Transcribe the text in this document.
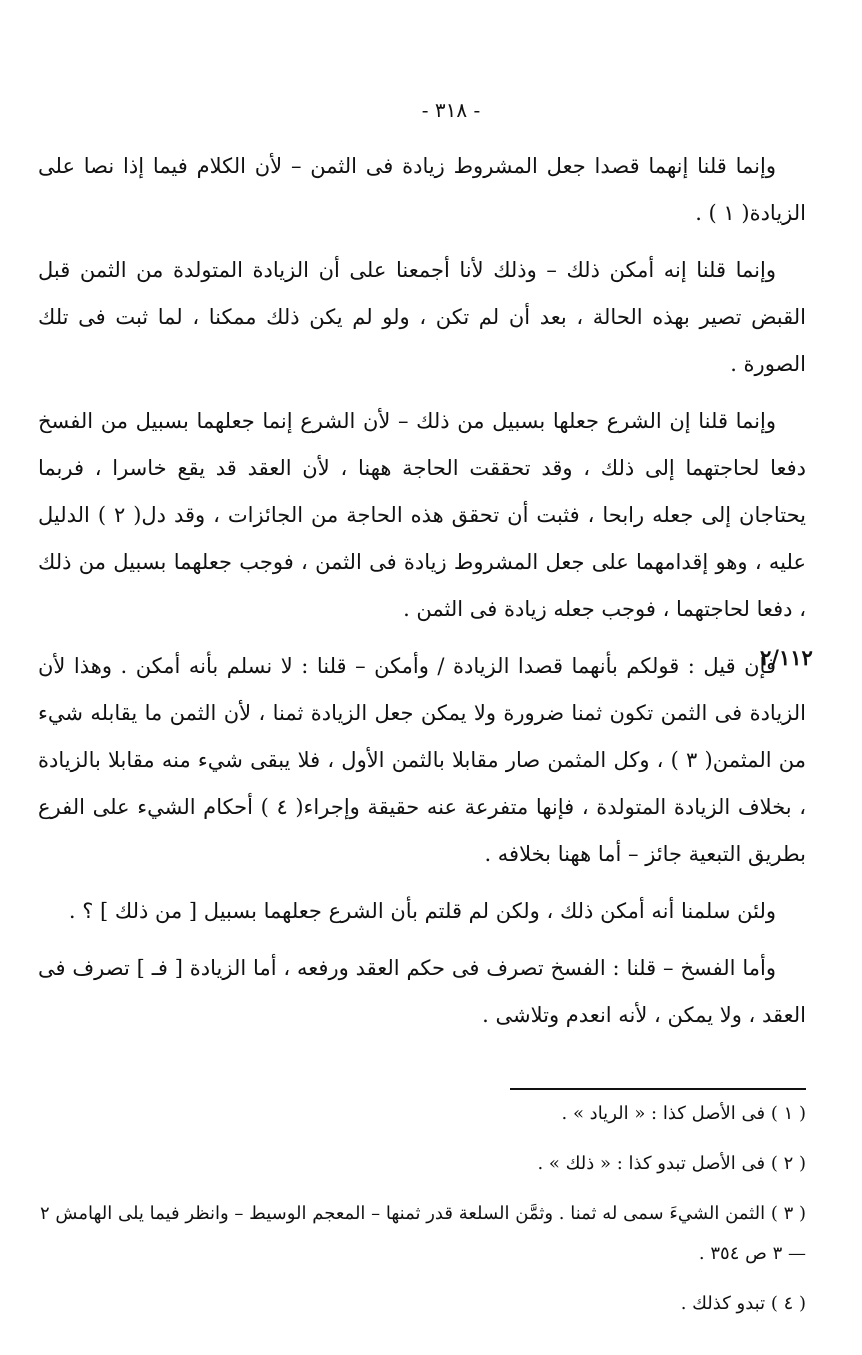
- ٣١٨ -

وإنما قلنا إنهما قصدا جعل المشروط زيادة فى الثمن – لأن الكلام فيما إذا نصا على الزيادة( ١ ) .

وإنما قلنا إنه أمكن ذلك – وذلك لأنا أجمعنا على أن الزيادة المتولدة من الثمن قبل القبض تصير بهذه الحالة ، بعد أن لم تكن ، ولو لم يكن ذلك ممكنا ، لما ثبت فى تلك الصورة .

وإنما قلنا إن الشرع جعلها بسبيل من ذلك – لأن الشرع إنما جعلهما بسبيل من الفسخ دفعا لحاجتهما إلى ذلك ، وقد تحققت الحاجة ههنا ، لأن العقد قد يقع خاسرا ، فربما يحتاجان إلى جعله رابحا ، فثبت أن تحقق هذه الحاجة من الجائزات ، وقد دل( ٢ ) الدليل عليه ، وهو إقدامهما على جعل المشروط زيادة فى الثمن ، فوجب جعلهما بسبيل من ذلك ، دفعا لحاجتهما ، فوجب جعله زيادة فى الثمن .

فإن قيل : قولكم بأنهما قصدا الزيادة / وأمكن – قلنا : لا نسلم بأنه أمكن . وهذا لأن الزيادة فى الثمن تكون ثمنا ضرورة ولا يمكن جعل الزيادة ثمنا ، لأن الثمن ما يقابله شيء من المثمن( ٣ ) ، وكل المثمن صار مقابلا بالثمن الأول ، فلا يبقى شيء منه مقابلا بالزيادة ، بخلاف الزيادة المتولدة ، فإنها متفرعة عنه حقيقة وإجراء( ٤ ) أحكام الشيء على الفرع بطريق التبعية جائز – أما ههنا بخلافه .

ولئن سلمنا أنه أمكن ذلك ، ولكن لم قلتم بأن الشرع جعلهما بسبيل [ من ذلك ] ؟ .

وأما الفسخ – قلنا : الفسخ تصرف فى حكم العقد ورفعه ، أما الزيادة [ فـ ] تصرف فى العقد ، ولا يمكن ، لأنه انعدم وتلاشى .

٢/١١٢

( ١ ) فى الأصل كذا : « الرياد » .

( ٢ ) فى الأصل تبدو كذا : « ذلك » .

( ٣ ) الثمن الشيءَ سمى له ثمنا . وثمَّن السلعة قدر ثمنها – المعجم الوسيط – وانظر فيما يلى الهامش ٢ — ٣ ص ٣٥٤ .

( ٤ ) تبدو كذلك .
